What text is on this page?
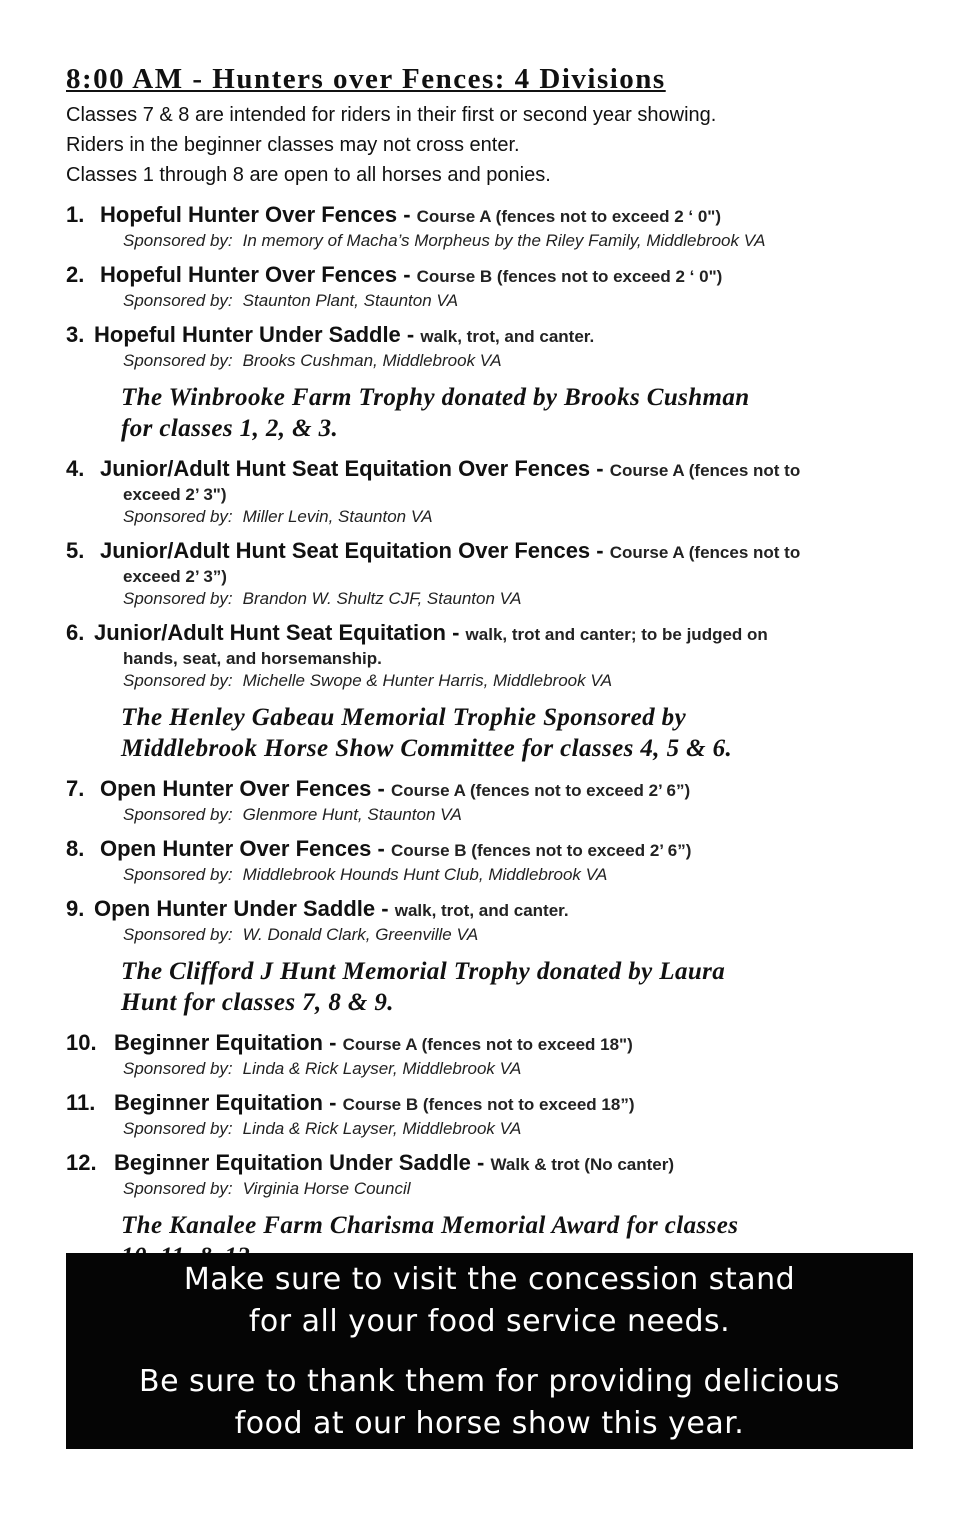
8:00 AM - Hunters over Fences: 4 Divisions

Classes 7 & 8 are intended for riders in their first or second year showing.

Riders in the beginner classes may not cross enter.

Classes 1 through 8 are open to all horses and ponies.

1. Hopeful Hunter Over Fences - Course A (fences not to exceed 2 ‘ 0")
Sponsored by: In memory of Macha’s Morpheus by the Riley Family, Middlebrook VA
2. Hopeful Hunter Over Fences - Course B (fences not to exceed 2 ‘ 0")
Sponsored by: Staunton Plant, Staunton VA
3. Hopeful Hunter Under Saddle - walk, trot, and canter.
Sponsored by: Brooks Cushman, Middlebrook VA
The Winbrooke Farm Trophy donated by Brooks Cushman
for classes 1, 2, & 3.
4. Junior/Adult Hunt Seat Equitation Over Fences - Course A (fences not to
exceed 2’ 3")
Sponsored by: Miller Levin, Staunton VA
5. Junior/Adult Hunt Seat Equitation Over Fences - Course A (fences not to
exceed 2’ 3”)
Sponsored by: Brandon W. Shultz CJF, Staunton VA
6. Junior/Adult Hunt Seat Equitation - walk, trot and canter; to be judged on
hands, seat, and horsemanship.
Sponsored by: Michelle Swope & Hunter Harris, Middlebrook VA
The Henley Gabeau Memorial Trophie Sponsored by
Middlebrook Horse Show Committee for classes 4, 5 & 6.
7. Open Hunter Over Fences - Course A (fences not to exceed 2’ 6”)
Sponsored by: Glenmore Hunt, Staunton VA
8. Open Hunter Over Fences - Course B (fences not to exceed 2’ 6”)
Sponsored by: Middlebrook Hounds Hunt Club, Middlebrook VA
9. Open Hunter Under Saddle - walk, trot, and canter.
Sponsored by: W. Donald Clark, Greenville VA
The Clifford J Hunt Memorial Trophy donated by Laura
Hunt for classes 7, 8 & 9.
10. Beginner Equitation - Course A (fences not to exceed 18")
Sponsored by: Linda & Rick Layser, Middlebrook VA
11. Beginner Equitation - Course B (fences not to exceed 18”)
Sponsored by: Linda & Rick Layser, Middlebrook VA
12. Beginner Equitation Under Saddle - Walk & trot (No canter)
Sponsored by: Virginia Horse Council
The Kanalee Farm Charisma Memorial Award for classes
Make sure to visit the concession stand
for all your food service needs.
Be sure to thank them for providing delicious
food at our horse show this year.
